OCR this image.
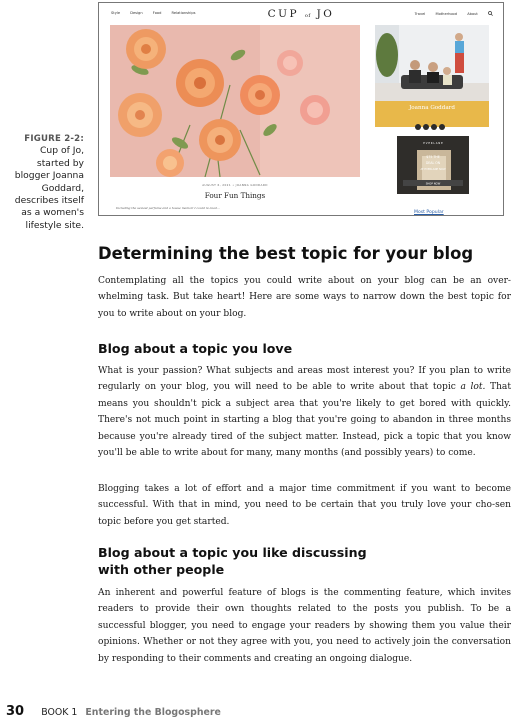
FIGURE 2-2:
Cup of Jo, started by blogger Joanna Goddard, describes itself as a women's lifestyle site.
Style	Design	Food	Relationships	CUP of JO	Travel	Motherhood	About
AUGUST 6, 2021 • JOANNA GODDARD
Four Fun Things
Including the sexiest perfume and a house memoir I could re-read...
Joanna Goddard
E V E R L A N E
$75 THE
DEAL ON
AT EVERLANE NOW
SHOP NOW
Most Popular
Determining the best topic for your blog

Contemplating all the topics you could write about on your blog can be an over-whelming task. But take heart! Here are some ways to narrow down the best topic for you to write about on your blog.

Blog about a topic you love

What is your passion? What subjects and areas most interest you? If you plan to write regularly on your blog, you will need to be able to write about that topic a lot. That means you shouldn't pick a subject area that you're likely to get bored with quickly. There's not much point in starting a blog that you're going to abandon in three months because you're already tired of the subject matter. Instead, pick a topic that you know you'll be able to write about for many, many months (and possibly years) to come.

Blogging takes a lot of effort and a major time commitment if you want to become successful. With that in mind, you need to be certain that you truly love your cho-sen topic before you get started.

Blog about a topic you like discussing
with other people

An inherent and powerful feature of blogs is the commenting feature, which invites readers to provide their own thoughts related to the posts you publish. To be a successful blogger, you need to engage your readers by showing them you value their opinions. Whether or not they agree with you, you need to actively join the conversation by responding to their comments and creating an ongoing dialogue.

30 BOOK 1 Entering the Blogosphere
